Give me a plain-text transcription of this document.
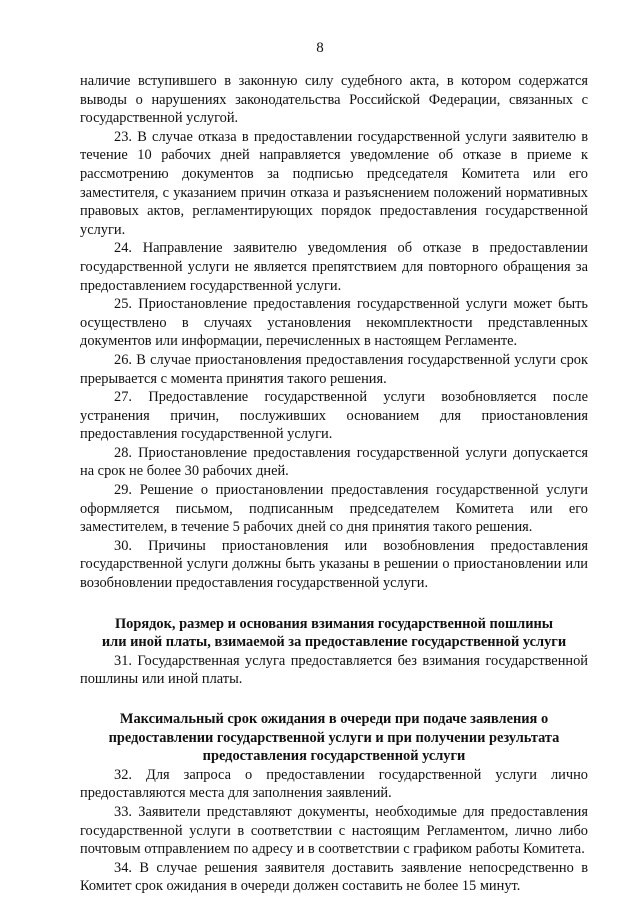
8

наличие вступившего в законную силу судебного акта, в котором содержатся выводы о нарушениях законодательства Российской Федерации, связанных с государственной услугой.

23. В случае отказа в предоставлении государственной услуги заявителю в течение 10 рабочих дней направляется уведомление об отказе в приеме к рассмотрению документов за подписью председателя Комитета или его заместителя, с указанием причин отказа и разъяснением положений нормативных правовых актов, регламентирующих порядок предоставления государственной услуги.

24. Направление заявителю уведомления об отказе в предоставлении государственной услуги не является препятствием для повторного обращения за предоставлением государственной услуги.

25. Приостановление предоставления государственной услуги может быть осуществлено в случаях установления некомплектности представленных документов или информации, перечисленных в настоящем Регламенте.

26. В случае приостановления предоставления государственной услуги срок прерывается с момента принятия такого решения.

27. Предоставление государственной услуги возобновляется после устранения причин, послуживших основанием для приостановления предоставления государственной услуги.

28. Приостановление предоставления государственной услуги допускается на срок не более 30 рабочих дней.

29. Решение о приостановлении предоставления государственной услуги оформляется письмом, подписанным председателем Комитета или его заместителем, в течение 5 рабочих дней со дня принятия такого решения.

30. Причины приостановления или возобновления предоставления государственной услуги должны быть указаны в решении о приостановлении или возобновлении предоставления государственной услуги.

Порядок, размер и основания взимания государственной пошлины

или иной платы, взимаемой за предоставление государственной услуги

31. Государственная услуга предоставляется без взимания государственной пошлины или иной платы.

Максимальный срок ожидания в очереди при подаче заявления о

предоставлении государственной услуги и при получении результата

предоставления государственной услуги

32. Для запроса о предоставлении государственной услуги лично предоставляются места для заполнения заявлений.

33. Заявители представляют документы, необходимые для предоставления государственной услуги в соответствии с настоящим Регламентом, лично либо почтовым отправлением по адресу и в соответствии с графиком работы Комитета.

34. В случае решения заявителя доставить заявление непосредственно в Комитет срок ожидания в очереди должен составить не более 15 минут.
